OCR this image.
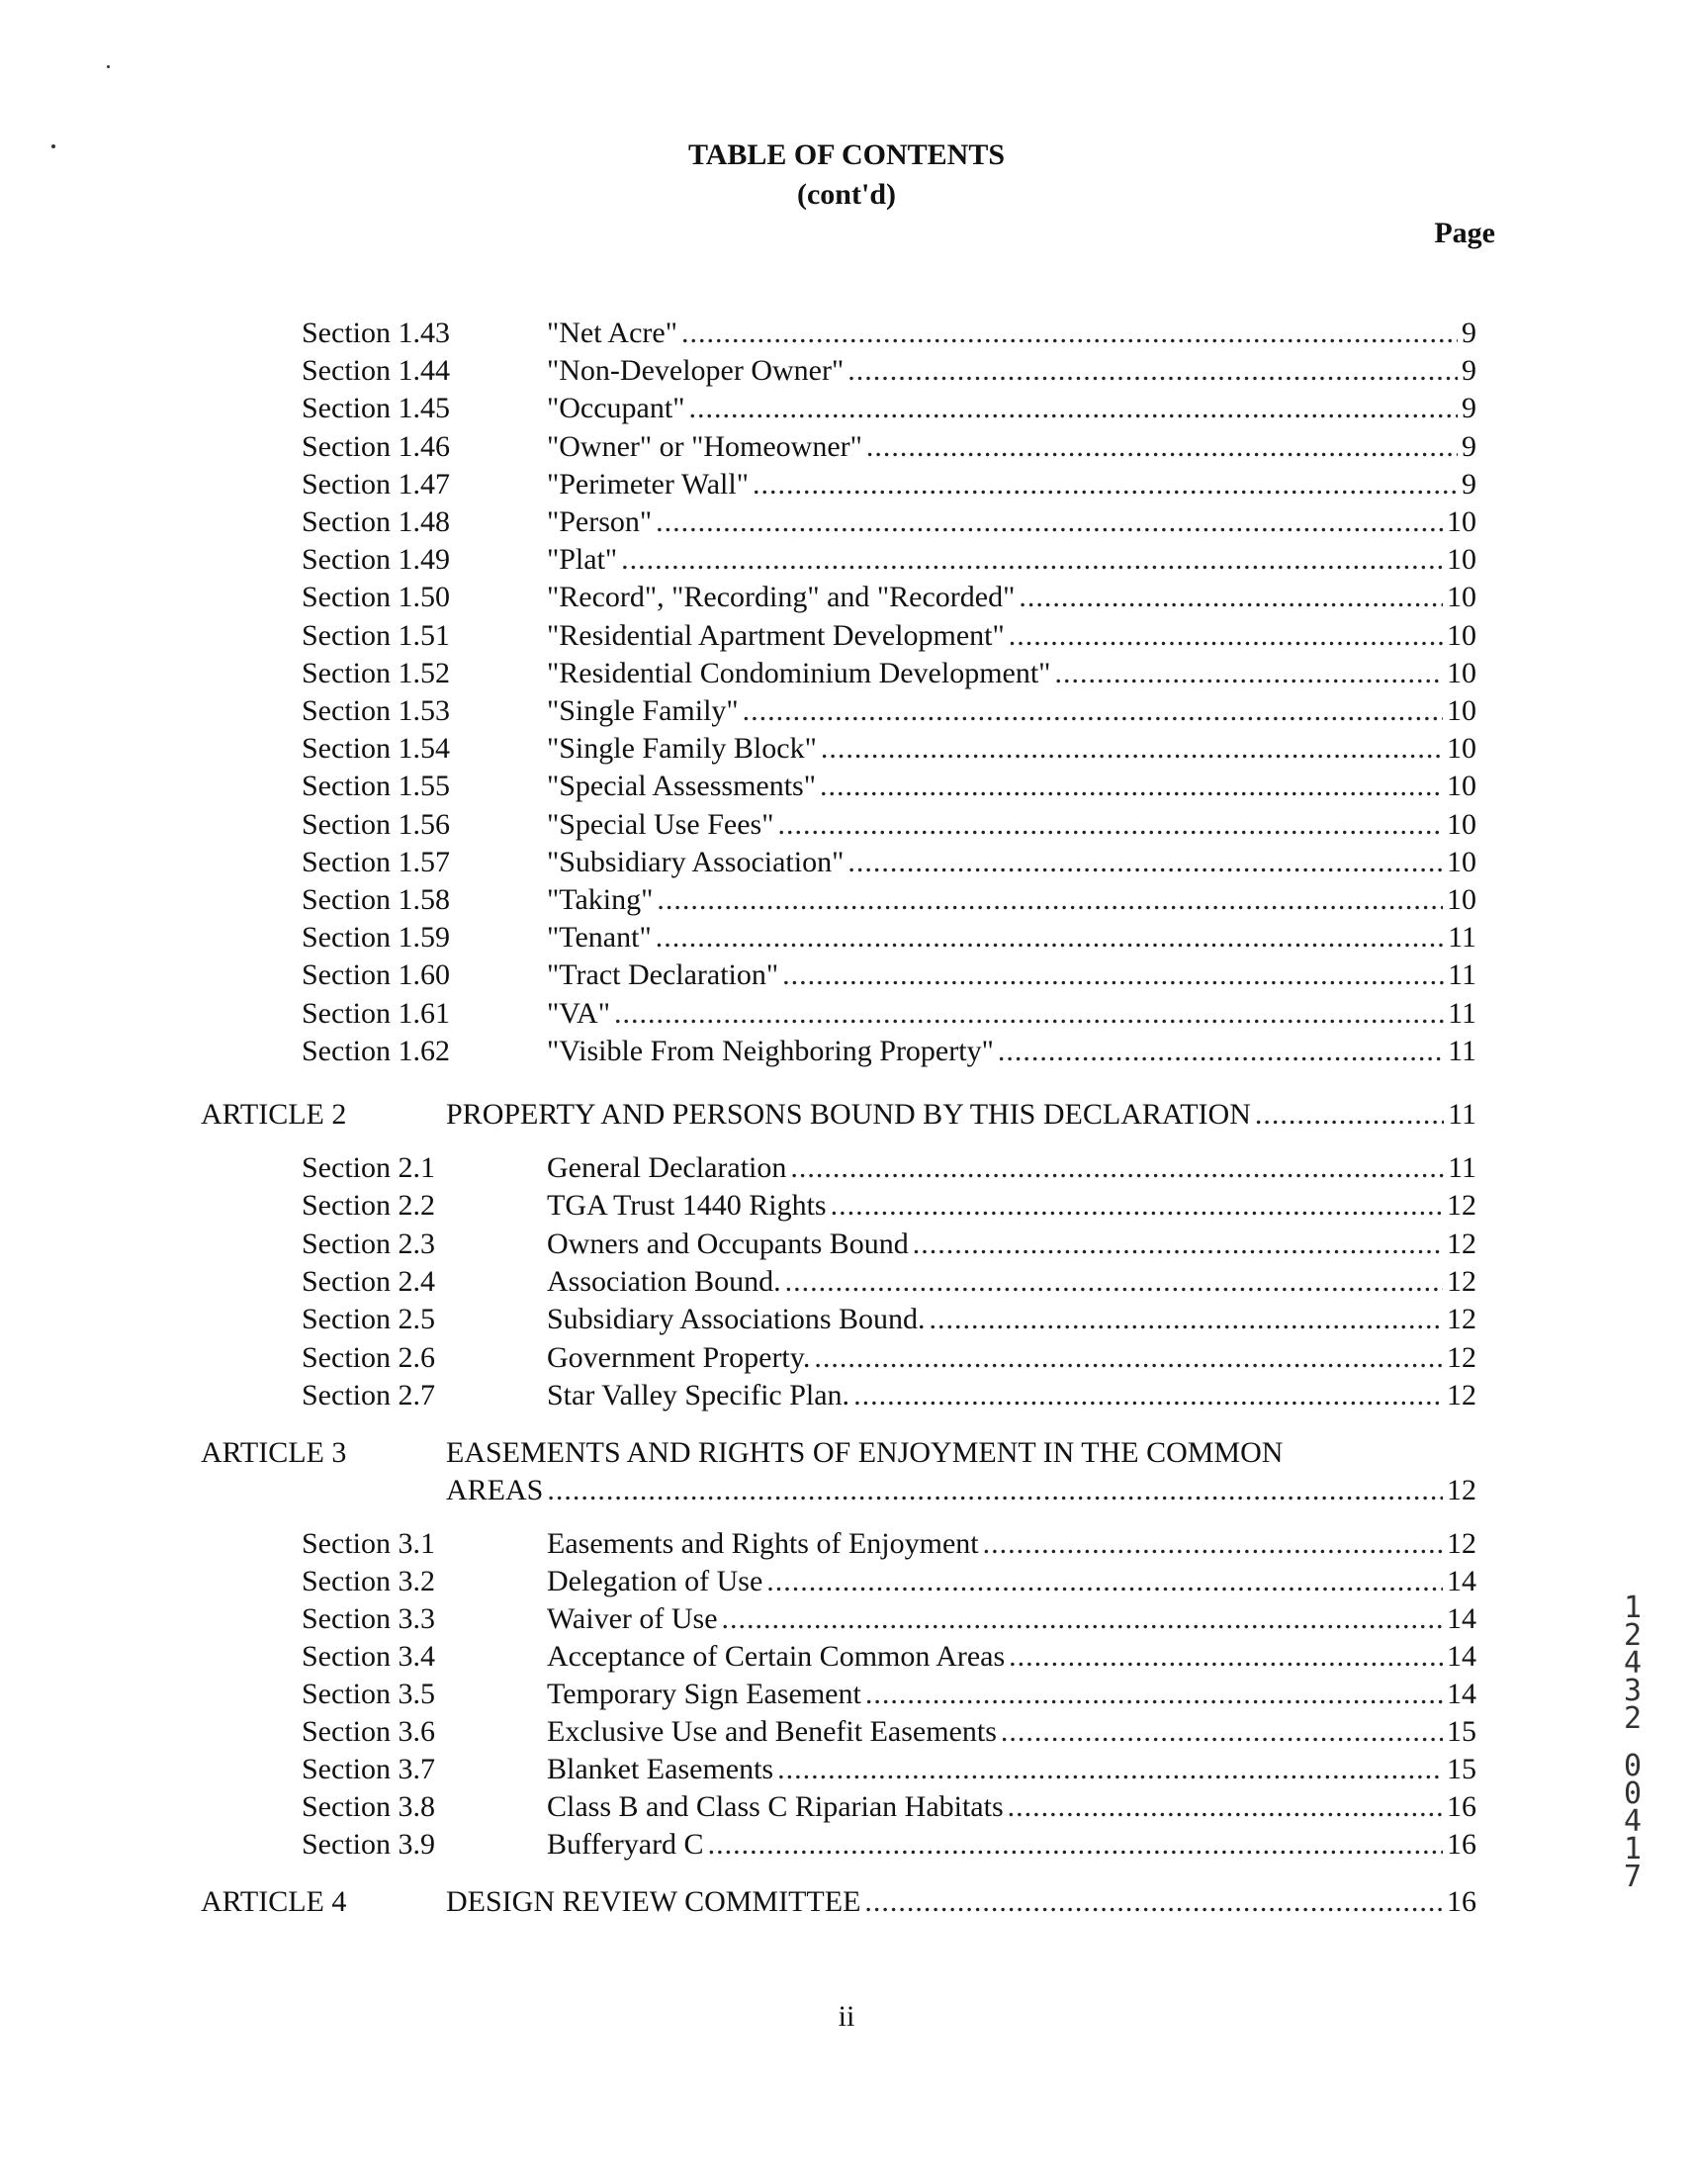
TABLE OF CONTENTS
(cont'd)
Page
Section 1.43	"Net Acre" .....	9
Section 1.44	"Non-Developer Owner" .....	9
Section 1.45	"Occupant" .....	9
Section 1.46	"Owner" or "Homeowner" .....	9
Section 1.47	"Perimeter Wall" .....	9
Section 1.48	"Person" .....	10
Section 1.49	"Plat" .....	10
Section 1.50	"Record", "Recording" and "Recorded" .....	10
Section 1.51	"Residential Apartment Development" .....	10
Section 1.52	"Residential Condominium Development" .....	10
Section 1.53	"Single Family" .....	10
Section 1.54	"Single Family Block" .....	10
Section 1.55	"Special Assessments" .....	10
Section 1.56	"Special Use Fees" .....	10
Section 1.57	"Subsidiary Association" .....	10
Section 1.58	"Taking" .....	10
Section 1.59	"Tenant" .....	11
Section 1.60	"Tract Declaration" .....	11
Section 1.61	"VA" .....	11
Section 1.62	"Visible From Neighboring Property" .....	11
ARTICLE 2	PROPERTY AND PERSONS BOUND BY THIS DECLARATION .....	11
Section 2.1	General Declaration .....	11
Section 2.2	TGA Trust 1440 Rights .....	12
Section 2.3	Owners and Occupants Bound .....	12
Section 2.4	Association Bound. .....	12
Section 2.5	Subsidiary Associations Bound. .....	12
Section 2.6	Government Property. .....	12
Section 2.7	Star Valley Specific Plan. .....	12
ARTICLE 3	EASEMENTS AND RIGHTS OF ENJOYMENT IN THE COMMON
AREAS .....	12
Section 3.1	Easements and Rights of Enjoyment .....	12
Section 3.2	Delegation of Use .....	14
Section 3.3	Waiver of Use .....	14
Section 3.4	Acceptance of Certain Common Areas .....	14
Section 3.5	Temporary Sign Easement .....	14
Section 3.6	Exclusive Use and Benefit Easements .....	15
Section 3.7	Blanket Easements .....	15
Section 3.8	Class B and Class C Riparian Habitats .....	16
Section 3.9	Bufferyard C .....	16
ARTICLE 4	DESIGN REVIEW COMMITTEE .....	16
ii
12432
00417
